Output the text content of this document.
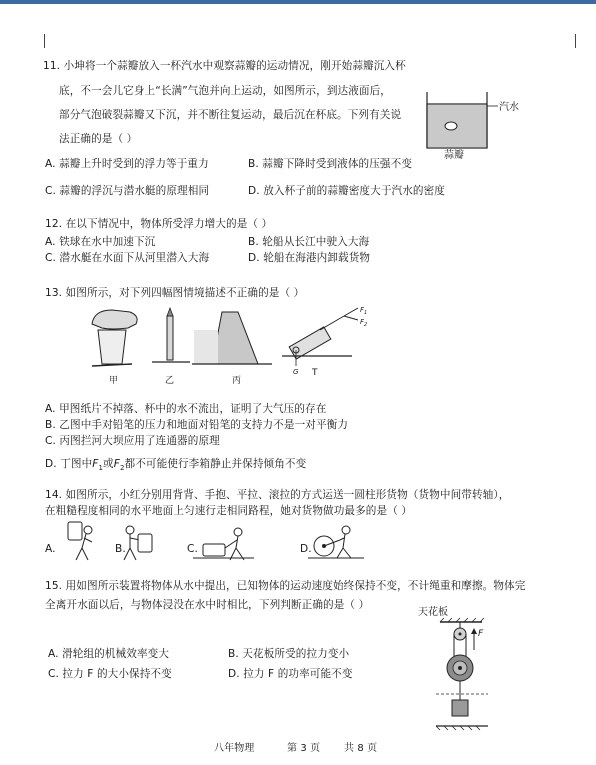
11. 小坤将一个蒜瓣放入一杯汽水中观察蒜瓣的运动情况，刚开始蒜瓣沉入杯
底，不一会儿它身上“长满”气泡并向上运动，如图所示，到达液面后，
部分气泡破裂蒜瓣又下沉，并不断往复运动，最后沉在杯底。下列有关说
法正确的是（ ）
汽水
蒜瓣
A. 蒜瓣上升时受到的浮力等于重力	B. 蒜瓣下降时受到液体的压强不变
C. 蒜瓣的浮沉与潜水艇的原理相同	D. 放入杯子前的蒜瓣密度大于汽水的密度
12. 在以下情况中，物体所受浮力增大的是（ ）
A. 铁球在水中加速下沉	B. 轮船从长江中驶入大海
C. 潜水艇在水面下从河里潜入大海	D. 轮船在海港内卸载货物
13. 如图所示，对下列四幅图情境描述不正确的是（ ）
$F_1$
$F_2$
G
甲	乙	丙
T
A. 甲图纸片不掉落、杯中的水不流出，证明了大气压的存在
B. 乙图中手对铅笔的压力和地面对铅笔的支持力不是一对平衡力
C. 丙图拦河大坝应用了连通器的原理
D. 丁图中$F_1$或$F_2$都不可能使行李箱静止并保持倾角不变
14. 如图所示，小红分别用背背、手抱、平拉、滚拉的方式运送一圆柱形货物（货物中间带转轴），
在粗糙程度相同的水平地面上匀速行走相同路程，她对货物做功最多的是（ ）
A.	B.	C.	D.
15. 用如图所示装置将物体从水中提出，已知物体的运动速度始终保持不变，不计绳重和摩擦。物体完
全离开水面以后，与物体浸没在水中时相比，下列判断正确的是（ ）
A. 滑轮组的机械效率变大	B. 天花板所受的拉力变小
C. 拉力 F 的大小保持不变	D. 拉力 F 的功率可能不变
天花板
F
八年物理	第 3 页 共 8 页
